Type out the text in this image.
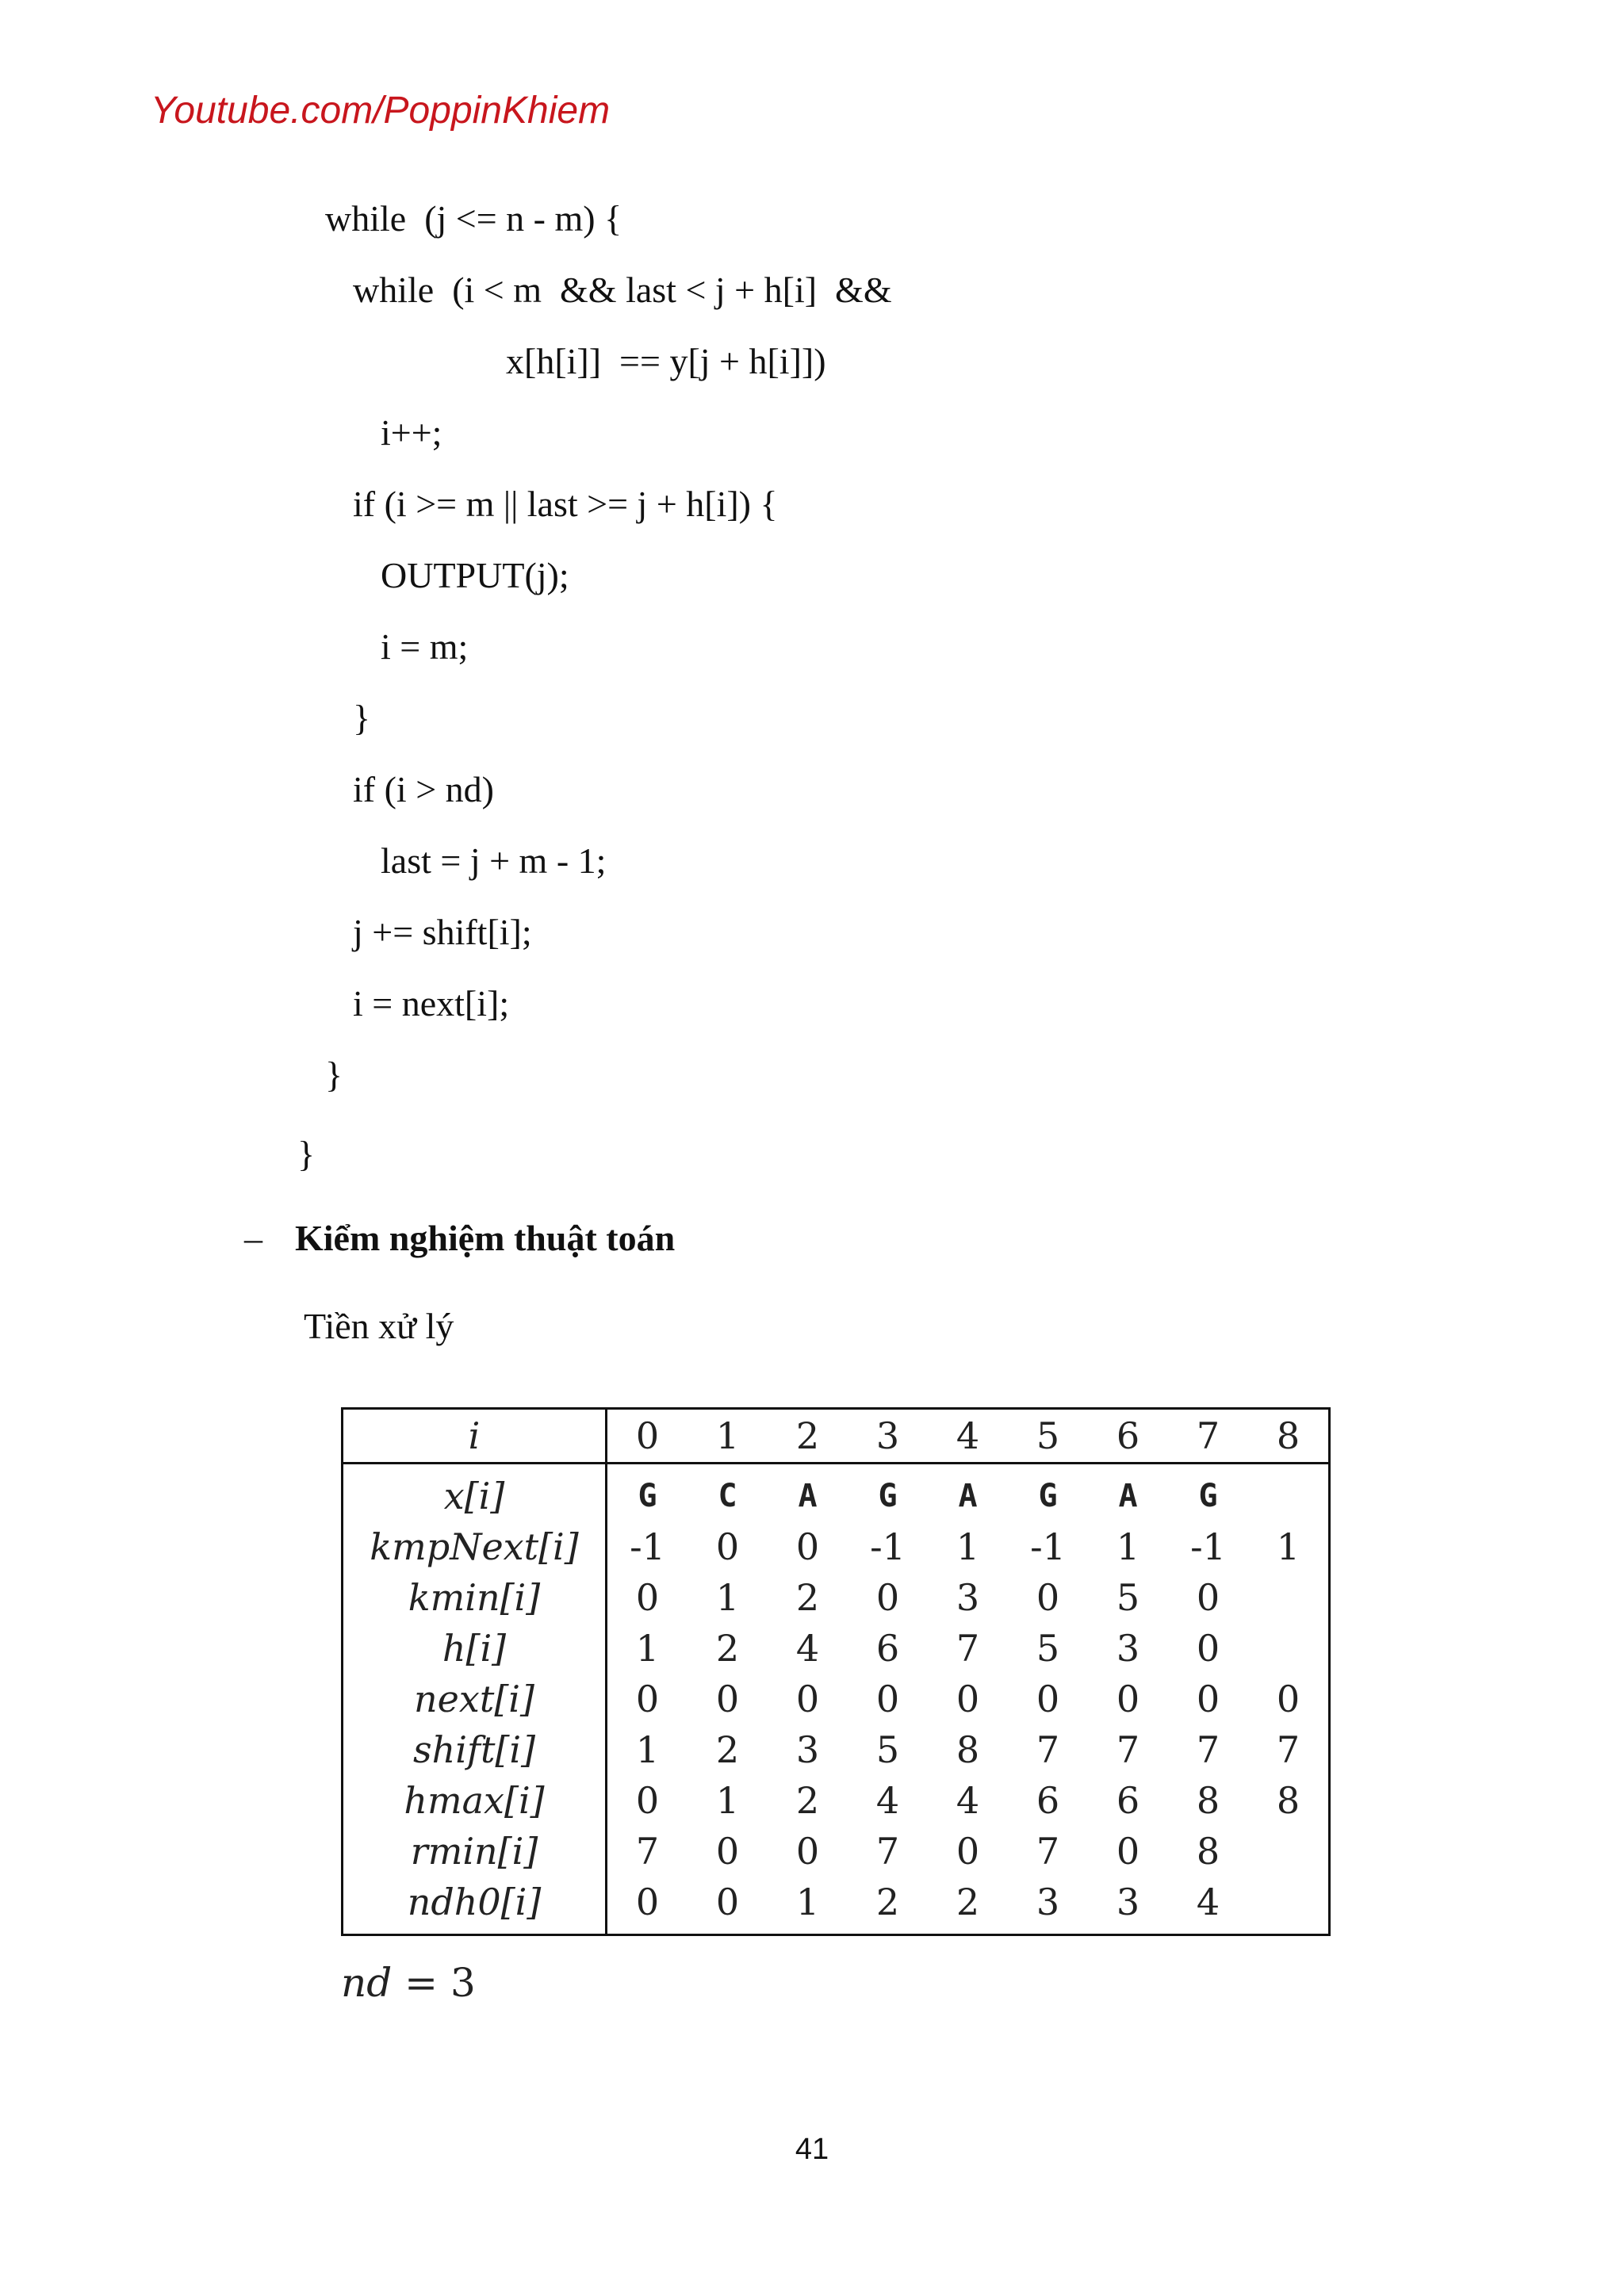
Youtube.com/PoppinKhiem
while  (j <= n - m) {
while  (i < m  && last < j + h[i]  &&
x[h[i]]  == y[j + h[i]])
i++;
if (i >= m || last >= j + h[i]) {
OUTPUT(j);
i = m;
}
if (i > nd)
last = j + m - 1;
j += shift[i];
i = next[i];
}
}
– Kiểm nghiệm thuật toán
Tiền xử lý
i	0	1	2	3	4	5	6	7	8
x[i]	G	C	A	G	A	G	A	G	
kmpNext[i]	-1	0	0	-1	1	-1	1	-1	1
kmin[i]	0	1	2	0	3	0	5	0	
h[i]	1	2	4	6	7	5	3	0	
next[i]	0	0	0	0	0	0	0	0	0
shift[i]	1	2	3	5	8	7	7	7	7
hmax[i]	0	1	2	4	4	6	6	8	8
rmin[i]	7	0	0	7	0	7	0	8	
ndh0[i]	0	0	1	2	2	3	3	4	
nd = 3
41
